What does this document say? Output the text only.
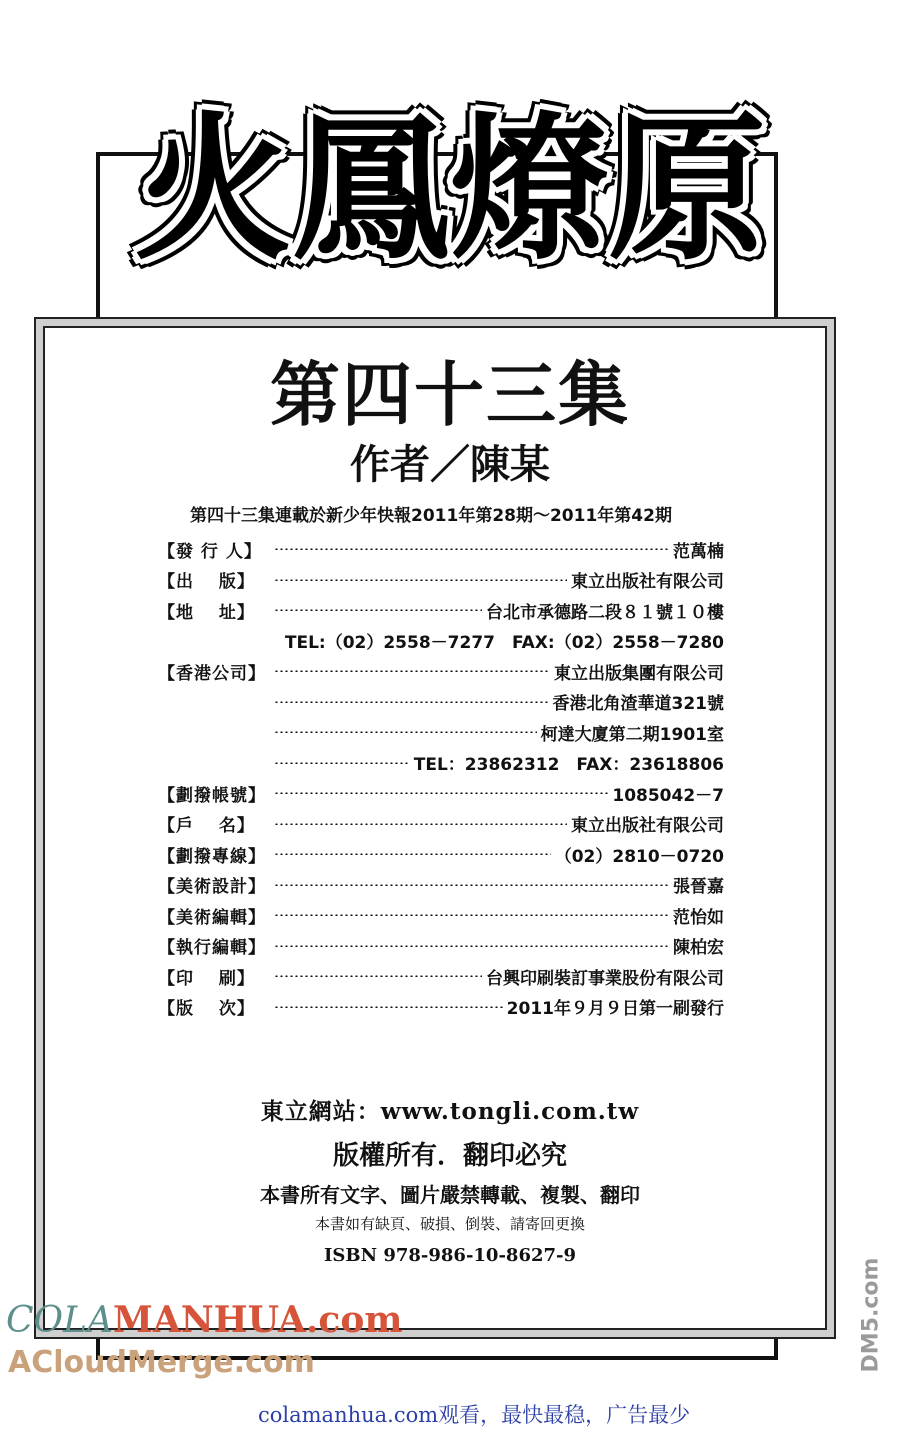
火鳳燎原
第四十三集
作者／陳某
第四十三集連載於新少年快報2011年第28期～2011年第42期
【發 行 人】	范萬楠
【出　 版】	東立出版社有限公司
【地　 址】	台北市承德路二段８１號１０樓
TEL:（02）2558－7277　FAX:（02）2558－7280
【香港公司】	東立出版集團有限公司
香港北角渣華道321號
柯達大廈第二期1901室
TEL：23862312　FAX：23618806
【劃撥帳號】	1085042－7
【戶　 名】	東立出版社有限公司
【劃撥專線】	（02）2810－0720
【美術設計】	張晉嘉
【美術編輯】	范怡如
【執行編輯】	陳柏宏
【印　 刷】	台興印刷裝訂事業股份有限公司
【版　 次】	2011年９月９日第一刷發行
東立網站：www.tongli.com.tw
版權所有．翻印必究
本書所有文字、圖片嚴禁轉載、複製、翻印
本書如有缺頁、破損、倒裝、請寄回更換
ISBN 978-986-10-8627-9
COLAMANHUA.com
ACloudMerge.com	DM5.com
colamanhua.com观看，最快最稳，广告最少
